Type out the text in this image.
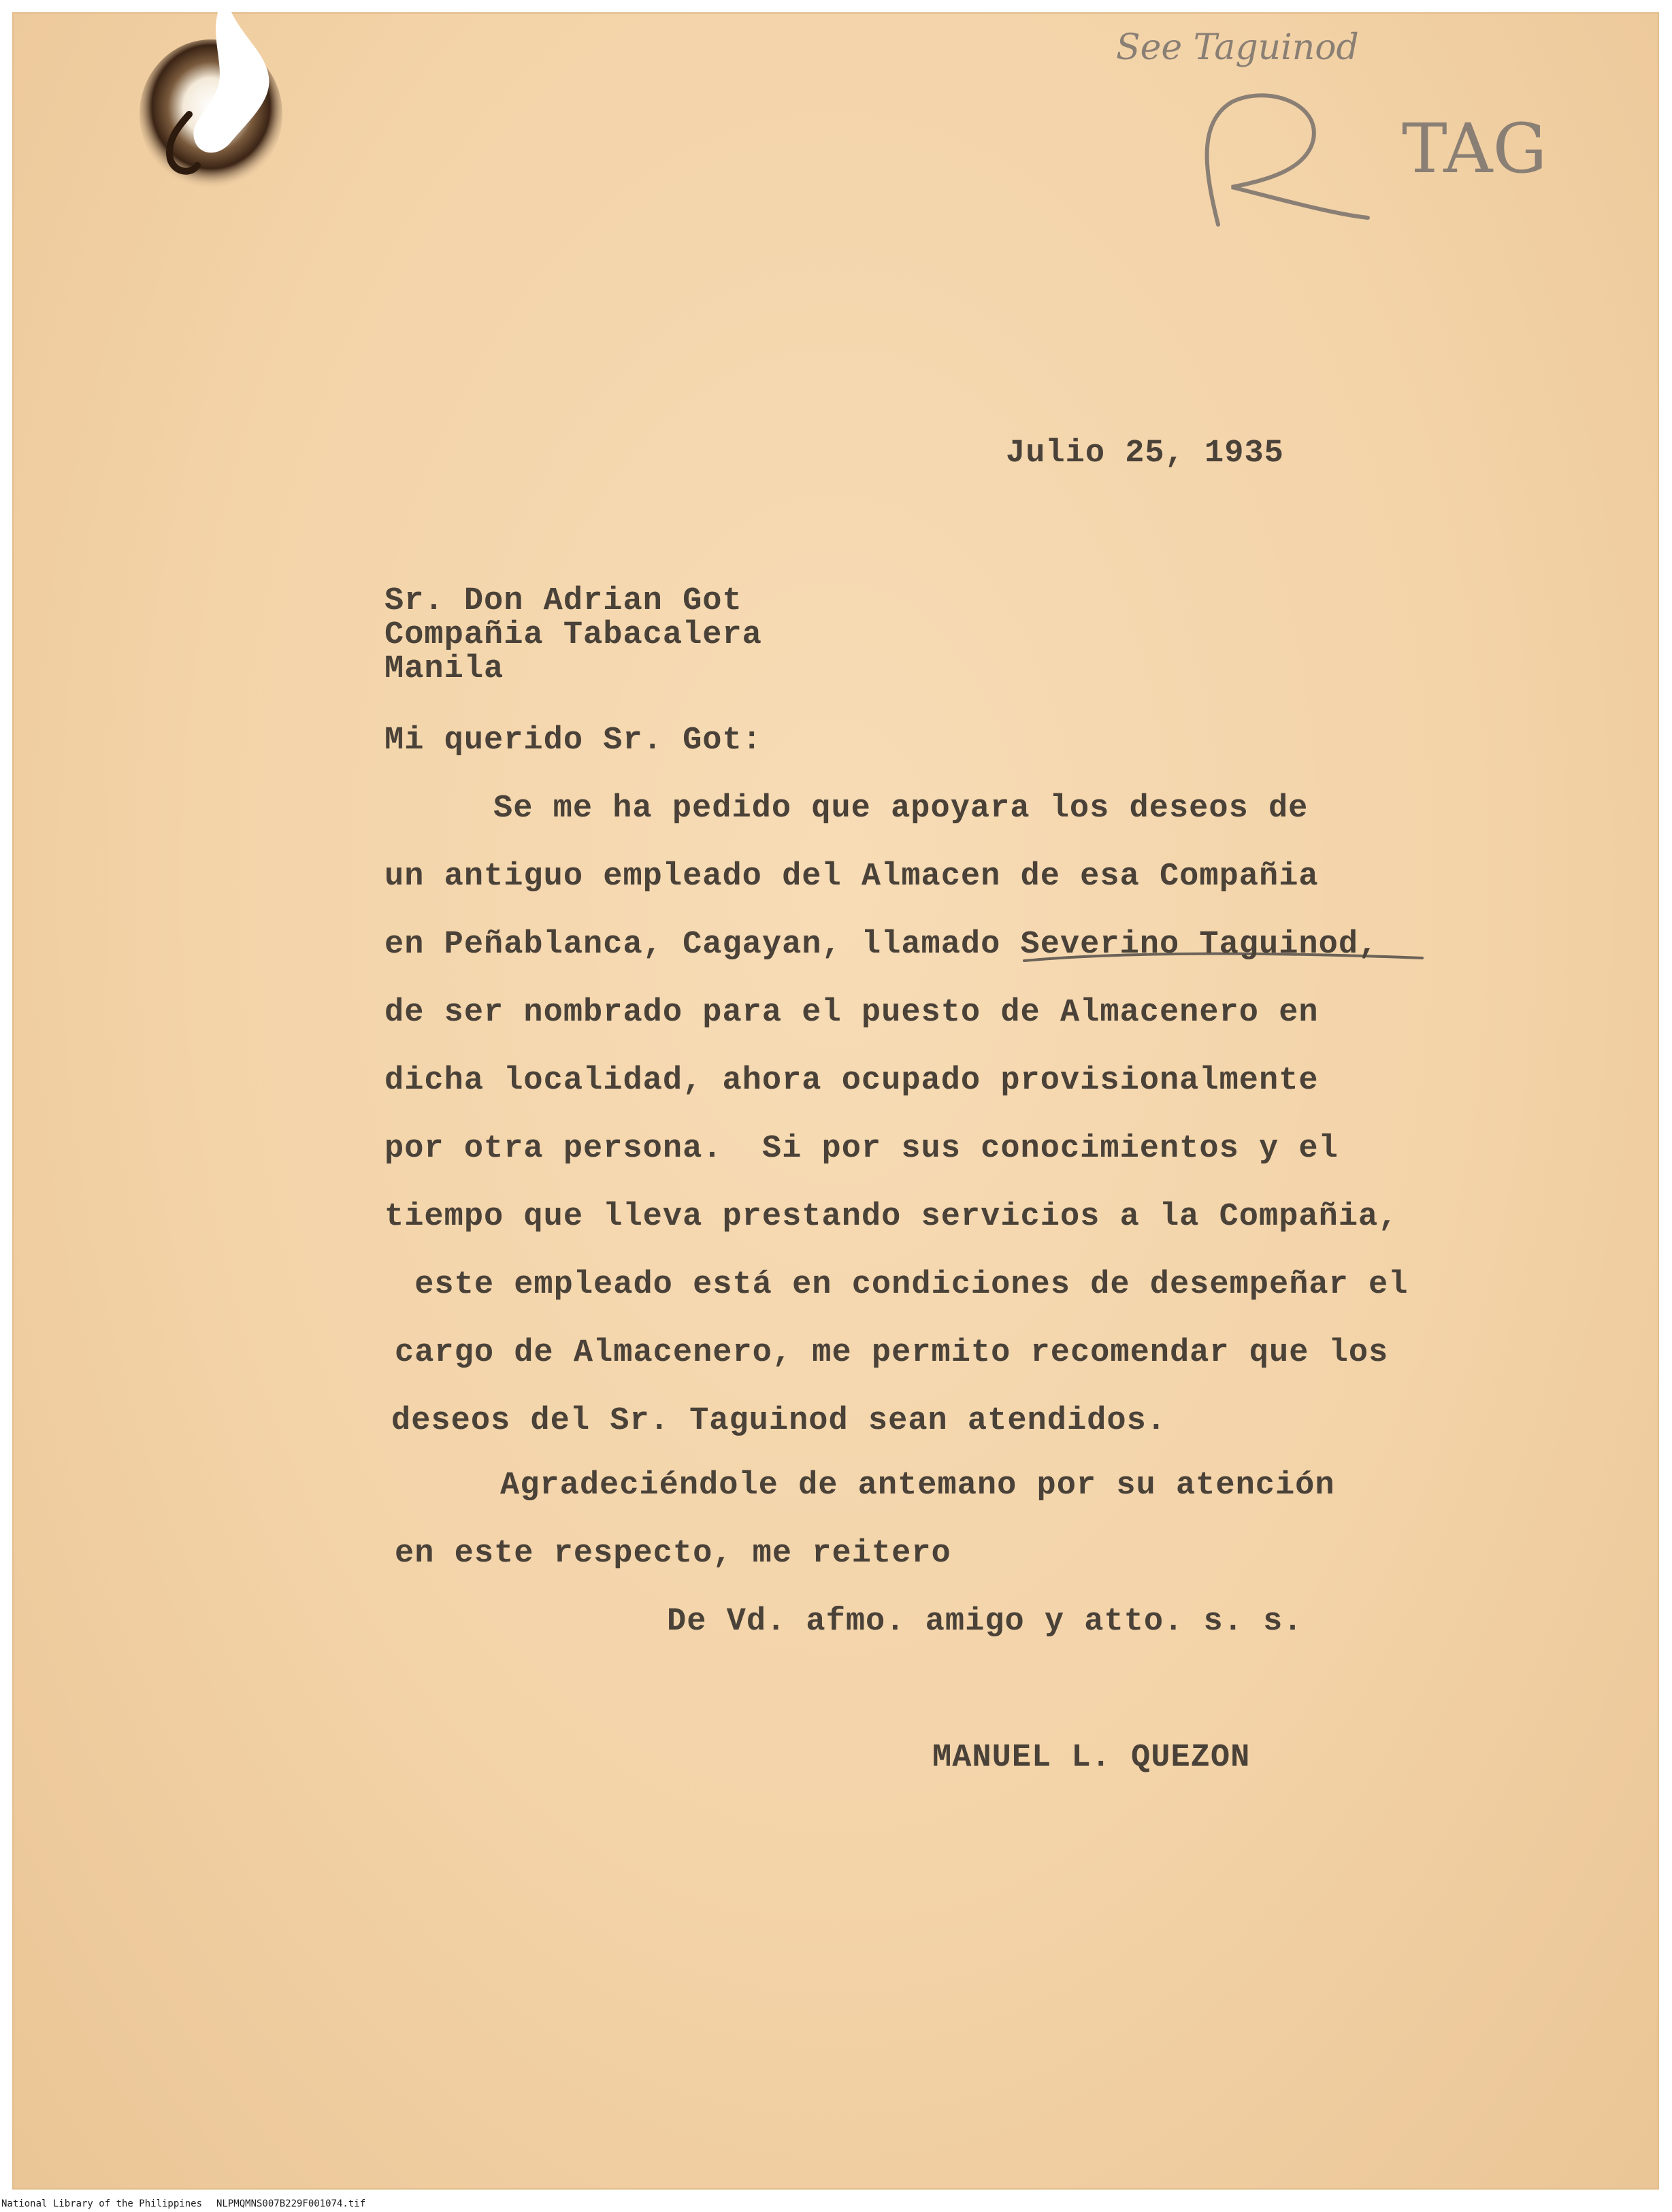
See Taguinod
TAG
Julio 25, 1935
Sr. Don Adrian Got
Compañia Tabacalera
Manila
Mi querido Sr. Got:
Se me ha pedido que apoyara los deseos de
un antiguo empleado del Almacen de esa Compañia
en Peñablanca, Cagayan, llamado Severino Taguinod,
de ser nombrado para el puesto de Almacenero en
dicha localidad, ahora ocupado provisionalmente
por otra persona.  Si por sus conocimientos y el
tiempo que lleva prestando servicios a la Compañia,
este empleado está en condiciones de desempeñar el
cargo de Almacenero, me permito recomendar que los
deseos del Sr. Taguinod sean atendidos.
Agradeciéndole de antemano por su atención
en este respecto, me reitero
De Vd. afmo. amigo y atto. s. s.
MANUEL L. QUEZON
National Library of the Philippines NLPMQMNS007B229F001074.tif
